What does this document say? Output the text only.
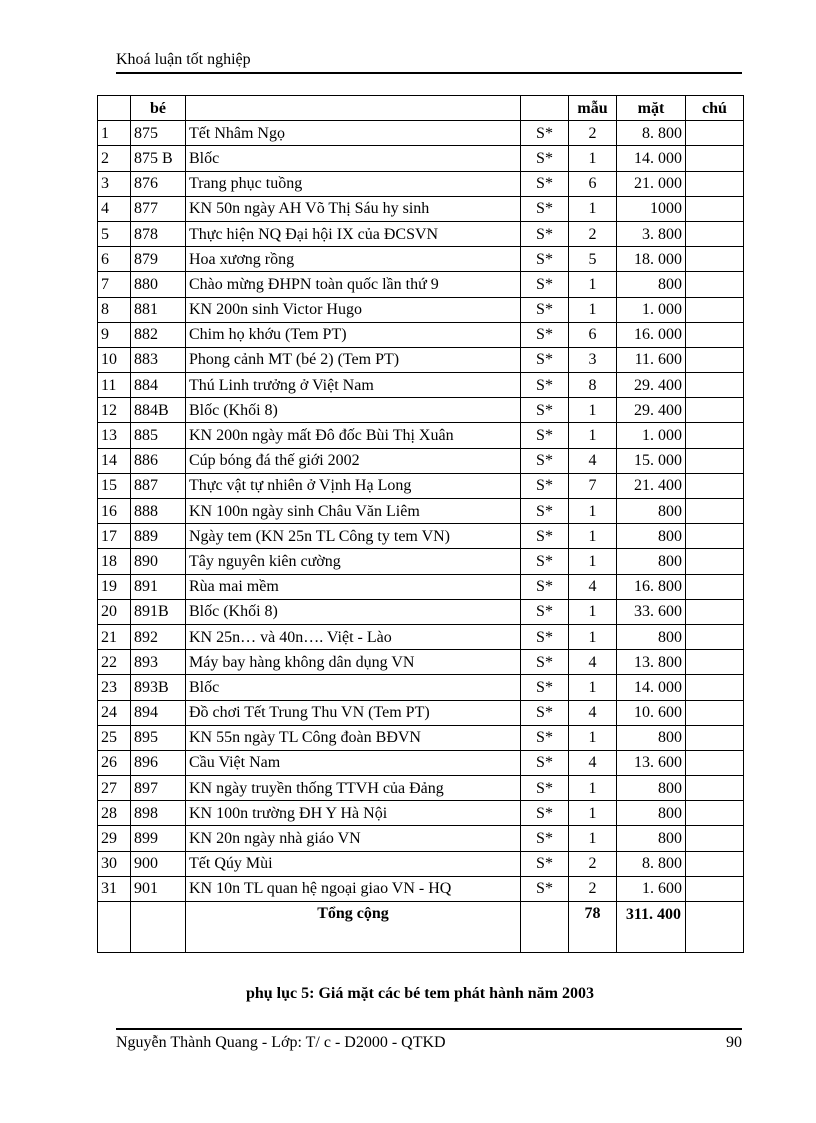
Khoá luận tốt nghiệp
	bé			mẫu	mặt	chú
1	875	Tết Nhâm Ngọ	S*	2	8. 800	
2	875 B	Blốc	S*	1	14. 000	
3	876	Trang phục tuồng	S*	6	21. 000	
4	877	KN 50n ngày AH Võ Thị Sáu hy sinh	S*	1	1000	
5	878	Thực hiện NQ Đại hội IX của ĐCSVN	S*	2	3. 800	
6	879	Hoa xương rồng	S*	5	18. 000	
7	880	Chào mừng ĐHPN toàn quốc lần thứ 9	S*	1	800	
8	881	KN 200n sinh Victor Hugo	S*	1	1. 000	
9	882	Chim họ khớu (Tem PT)	S*	6	16. 000	
10	883	Phong cảnh MT (bé 2) (Tem PT)	S*	3	11. 600	
11	884	Thú Linh trưởng ở Việt Nam	S*	8	29. 400	
12	884B	Blốc (Khối 8)	S*	1	29. 400	
13	885	KN 200n ngày mất Đô đốc Bùi Thị Xuân	S*	1	1. 000	
14	886	Cúp bóng đá thế giới 2002	S*	4	15. 000	
15	887	Thực vật tự nhiên ở Vịnh Hạ Long	S*	7	21. 400	
16	888	KN 100n ngày sinh Châu Văn Liêm	S*	1	800	
17	889	Ngày tem (KN 25n TL Công ty tem VN)	S*	1	800	
18	890	Tây nguyên kiên cường	S*	1	800	
19	891	Rùa mai mềm	S*	4	16. 800	
20	891B	Blốc (Khối 8)	S*	1	33. 600	
21	892	KN 25n… và 40n…. Việt - Lào	S*	1	800	
22	893	Máy bay hàng không dân dụng VN	S*	4	13. 800	
23	893B	Blốc	S*	1	14. 000	
24	894	Đồ chơi Tết Trung Thu VN (Tem PT)	S*	4	10. 600	
25	895	KN 55n ngày TL Công đoàn BĐVN	S*	1	800	
26	896	Cầu Việt Nam	S*	4	13. 600	
27	897	KN ngày truyền thống TTVH của Đảng	S*	1	800	
28	898	KN 100n trường ĐH Y Hà Nội	S*	1	800	
29	899	KN 20n ngày nhà giáo VN	S*	1	800	
30	900	Tết Qúy Mùi	S*	2	8. 800	
31	901	KN 10n TL quan hệ ngoại giao VN - HQ	S*	2	1. 600	
		Tổng cộng		78	311. 400	
phụ lục 5: Giá mặt các bé tem phát hành năm 2003
Nguyễn Thành Quang - Lớp: T/ c - D2000 - QTKD	90
